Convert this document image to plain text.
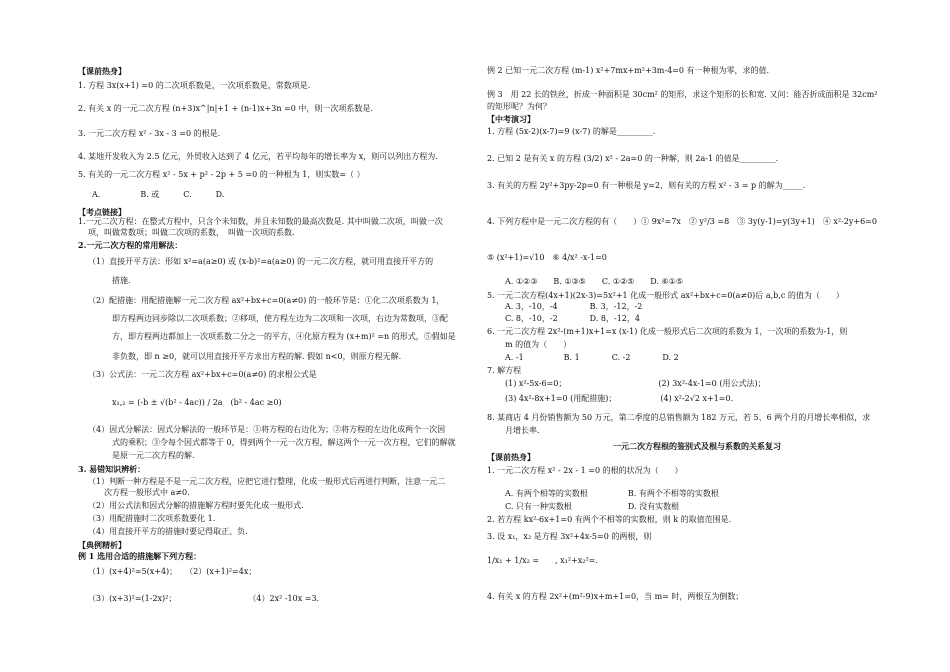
【课前热身】
1. 方程 3x(x+1) =0 的二次项系数是，一次项系数是，常数项是.
2. 有关 x 的一元二次方程 (n+3)x^|n|+1 + (n-1)x+3n =0 中，则一次项系数是.
3. 一元二次方程 x² - 3x - 3 =0 的根是.
4. 某地开发收入为 2.5 亿元，外贸收入达到了 4 亿元，若平均每年的增长率为 x，则可以列出方程为.
5. 有关的一元二次方程 x² - 5x + p² - 2p + 5 =0 的一种根为 1，则实数=（ ）
A.　　　　　B. 或　　　C.　　　D.
【考点链接】
1.一元二次方程：在整式方程中，只含个未知数，并且未知数的最高次数是. 其中叫做二次项，叫做一次
项，叫做常数项；叫做二次项的系数，　叫做一次项的系数.
2.一元二次方程的常用解法：
（1）直接开平方法：形如 x²=a(a≥0) 或 (x-b)²=a(a≥0) 的一元二次方程，就可用直接开平方的
措施.
（2）配措施：用配措施解一元二次方程 ax²+bx+c=0(a≠0) 的一般环节是：①化二次项系数为 1，
即方程两边同步除以二次项系数；②移项，使方程左边为二次项和一次项，右边为常数项，③配
方，即方程两边都加上一次项系数二分之一的平方，④化原方程为 (x+m)² =n 的形式，⑤假如是
非负数，即 n ≥0，就可以用直接开平方求出方程的解. 假如 n<0，则原方程无解.
（3）公式法：一元二次方程 ax²+bx+c=0(a≠0) 的求根公式是
x₁,₂ = (-b ± √(b² - 4ac)) / 2a　(b² - 4ac ≥0)
（4）因式分解法：因式分解法的一般环节是：①将方程的右边化为；②将方程的左边化成两个一次因
式的乘积；③令每个因式都等于 0，得到两个一元一次方程，解这两个一元一次方程，它们的解就
是原一元二次方程的解.
3. 易错知识辨析：
（1）判断一种方程是不是一元二次方程，应把它进行整理，化成一般形式后再进行判断，注意一元二
次方程一般形式中 a≠0.
（2）用公式法和因式分解的措施解方程时要先化成一般形式.
（3）用配措施时二次项系数要化 1.
（4）用直接开平方的措施时要记得取正、负.
【典例精析】
例 1 选用合适的措施解下列方程：
（1）(x+4)²=5(x+4)；　　（2）(x+1)²=4x；
（3）(x+3)²=(1-2x)²；　　　　　　　　　　（4）2x² -10x =3.
例 2 已知一元二次方程 (m-1) x²+7mx+m²+3m-4=0 有一种根为零，求的值.
例 3　用 22 长的铁丝，折成一种面积是 30cm² 的矩形，求这个矩形的长和宽. 又问：能否折成面积是 32cm²
的矩形呢？为何？
【中考演习】
1. 方程 (5x-2)(x-7)=9 (x-7) 的解是_________.
2. 已知 2 是有关 x 的方程 (3/2) x² - 2a=0 的一种解，则 2a-1 的值是_________.
3. 有关的方程 2y²+3py-2p=0 有一种根是 y=2，则有关的方程 x² - 3 = p 的解为_____.
4. 下列方程中是一元二次方程的有（　　）① 9x²=7x　② y²/3 =8　③ 3y(y-1)=y(3y+1)　④ x²-2y+6=0
⑤ (x²+1)=√10　⑥ 4/x² -x-1=0
A. ①②③　　B. ①③⑤　　C. ①②⑤　　D. ⑥①⑤
5. 一元二次方程(4x+1)(2x-3)=5x²+1 化成一般形式 ax²+bx+c=0(a≠0)后 a,b,c 的值为（　　）
A. 3，-10，-4　　　　B. 3，-12，-2
C. 8，-10，-2　　　　D. 8，-12，4
6. 一元二次方程 2x²-(m+1)x+1=x (x-1) 化成一般形式后二次项的系数为 1，一次项的系数为-1，则
m 的值为（　　）
A. -1　　　　　B. 1　　　　C. -2　　　　D. 2
7. 解方程
(1) x²-5x-6=0；　　　　　　　　　　　　(2) 3x²-4x-1=0 (用公式法)；
(3) 4x²-8x+1=0 (用配措施)；　　　　　　(4) x²-2√2 x+1=0.
8. 某商店 4 月份销售额为 50 万元，第二季度的总销售额为 182 万元，若 5、6 两个月的月增长率相似，求
月增长率.
一元二次方程根的鉴别式及根与系数的关系复习
【课前热身】
1. 一元二次方程 x² - 2x - 1 =0 的根的状况为（　　）
A. 有两个相等的实数根　　　　　B. 有两个不相等的实数根
C. 只有一种实数根　　　　　　　D. 没有实数根
2. 若方程 kx²-6x+1=0 有两个不相等的实数根，则 k 的取值范围是.
3. 设 x₁，x₂ 是方程 3x²+4x-5=0 的两根，则
1/x₁ + 1/x₂ =　　, x₁²+x₂²=.
4. 有关 x 的方程 2x²+(m²-9)x+m+1=0，当 m= 时，两根互为倒数；
